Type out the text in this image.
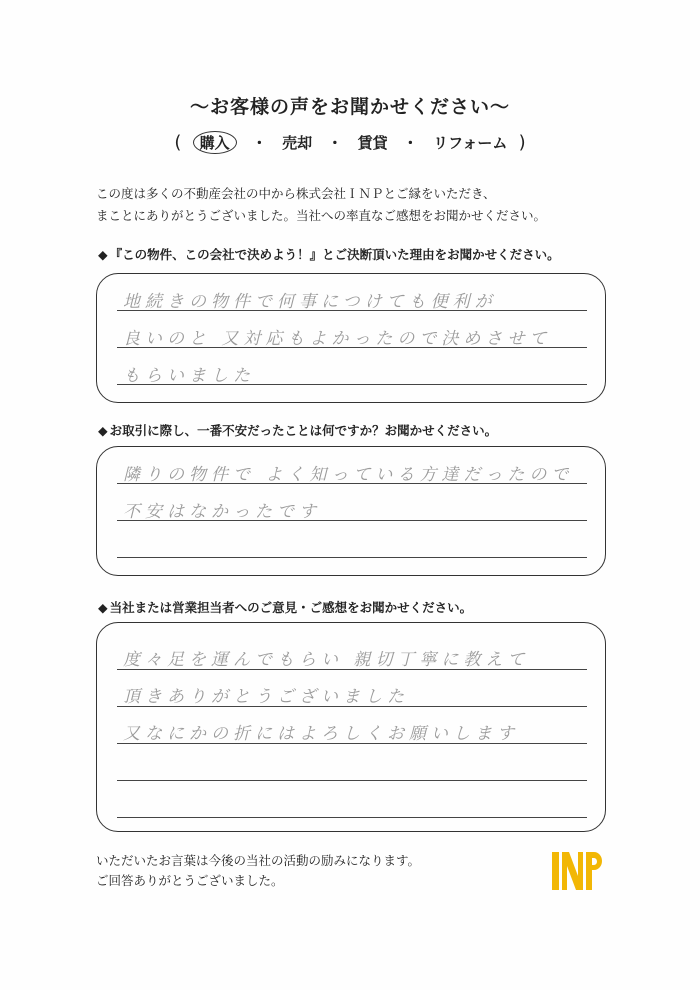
～お客様の声をお聞かせください～
( 購入 ・ 売却 ・ 賃貸 ・ リフォーム )
この度は多くの不動産会社の中から株式会社ＩＮＰとご縁をいただき、
まことにありがとうございました。当社への率直なご感想をお聞かせください。
◆ 『この物件、この会社で決めよう！』とご決断頂いた理由をお聞かせください。
地続きの物件で何事につけても便利が
良いのと 又対応もよかったので決めさせて
もらいました
◆ お取引に際し、一番不安だったことは何ですか？お聞かせください。
隣りの物件で よく知っている方達だったので
不安はなかったです
◆ 当社または営業担当者へのご意見・ご感想をお聞かせください。
度々足を運んでもらい 親切丁寧に教えて
頂きありがとうございました
又なにかの折にはよろしくお願いします
いただいたお言葉は今後の当社の活動の励みになります。
ご回答ありがとうございました。
